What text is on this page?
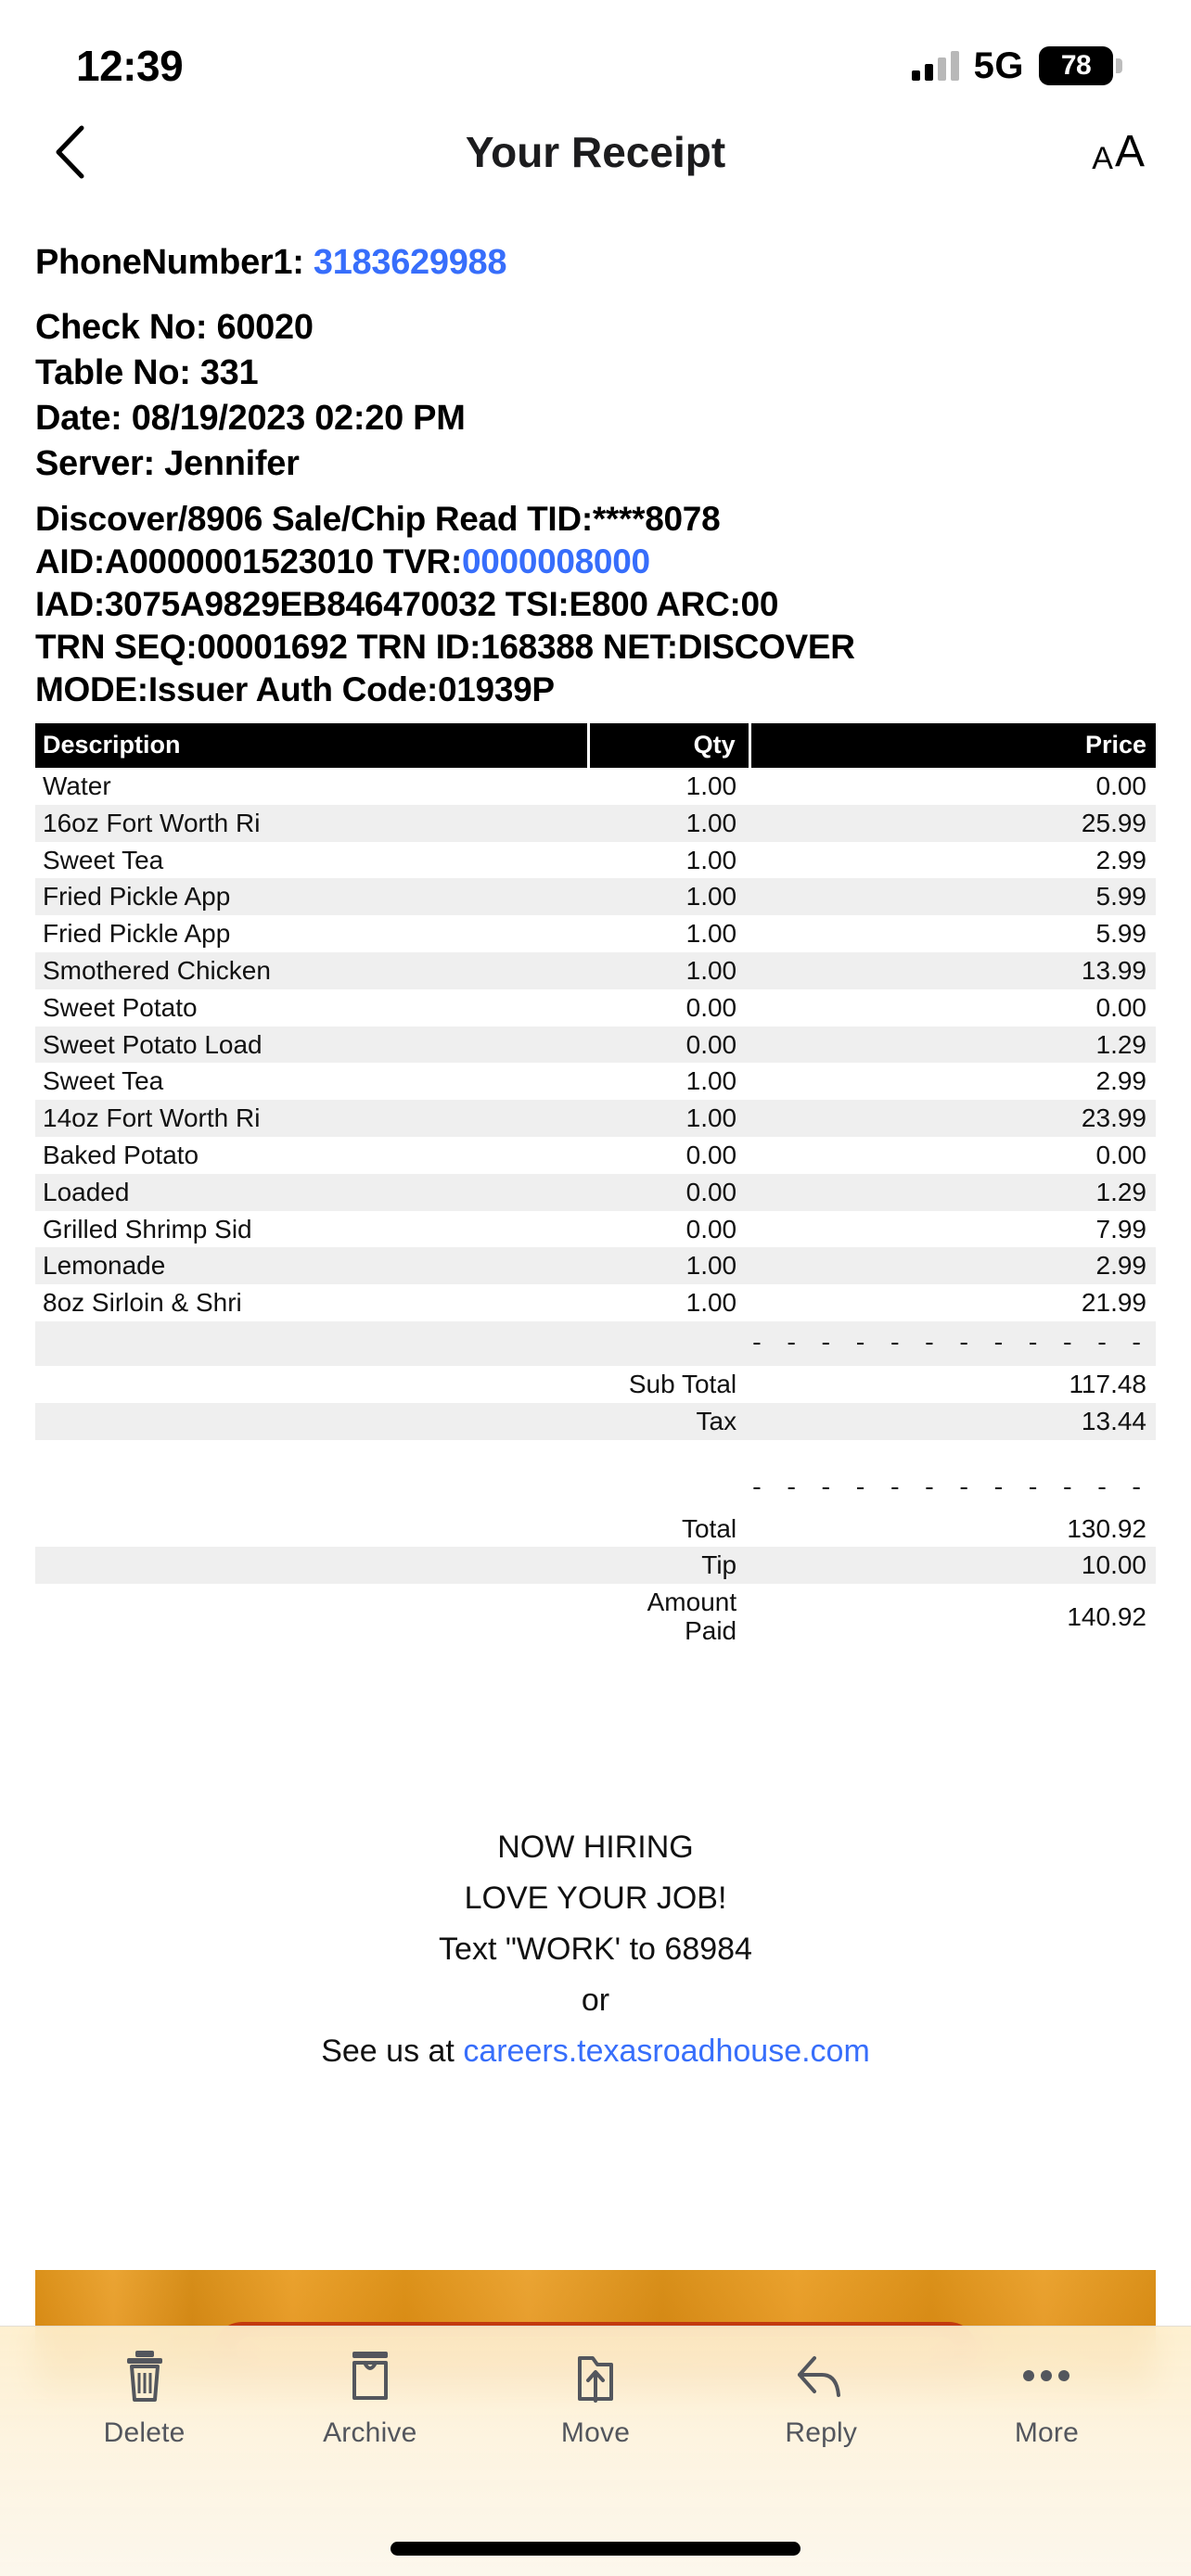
12:39	5G 78
Your Receipt	A A
PhoneNumber1: 3183629988
Check No: 60020
Table No: 331
Date: 08/19/2023 02:20 PM
Server: Jennifer
Discover/8906 Sale/Chip Read TID:****8078
AID:A0000001523010 TVR:0000008000
IAD:3075A9829EB846470032 TSI:E800 ARC:00
TRN SEQ:00001692 TRN ID:168388 NET:DISCOVER
MODE:Issuer Auth Code:01939P
Description	Qty	Price
Water	1.00	0.00
16oz Fort Worth Ri	1.00	25.99
Sweet Tea	1.00	2.99
Fried Pickle App	1.00	5.99
Fried Pickle App	1.00	5.99
Smothered Chicken	1.00	13.99
Sweet Potato	0.00	0.00
Sweet Potato Load	0.00	1.29
Sweet Tea	1.00	2.99
14oz Fort Worth Ri	1.00	23.99
Baked Potato	0.00	0.00
Loaded	0.00	1.29
Grilled Shrimp Sid	0.00	7.99
Lemonade	1.00	2.99
8oz Sirloin & Shri	1.00	21.99
		- - - - - - - - - - - -
	Sub Total	117.48
	Tax	13.44

		- - - - - - - - - - - -
	Total	130.92
	Tip	10.00
	Amount Paid	140.92
NOW HIRING
LOVE YOUR JOB!
Text "WORK' to 68984
or
See us at careers.texasroadhouse.com
Delete	Archive	Move	Reply	More
